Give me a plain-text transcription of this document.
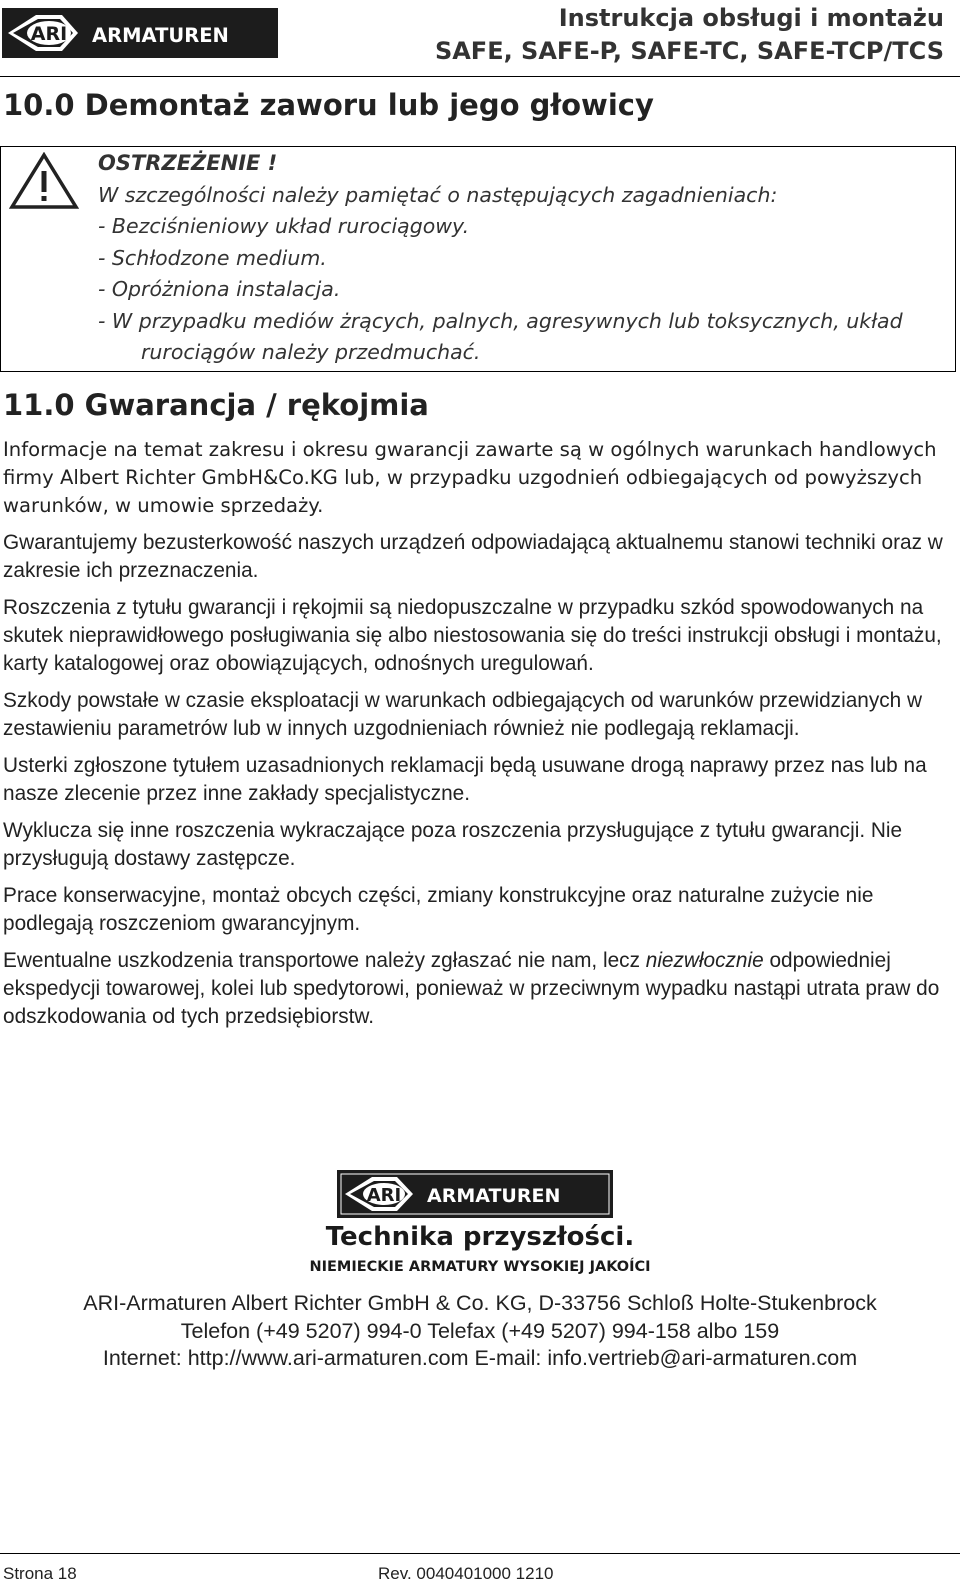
ARI ARMATUREN
Instrukcja obsługi i montażu
SAFE, SAFE-P, SAFE-TC, SAFE-TCP/TCS
10.0 Demontaż zaworu lub jego głowicy
OSTRZEŻENIE !
W szczególności należy pamiętać o następujących zagadnieniach:
- Bezciśnieniowy układ rurociągowy.
- Schłodzone medium.
- Opróżniona instalacja.
- W przypadku mediów żrących, palnych, agresywnych lub toksycznych, układ
rurociągów należy przedmuchać.
11.0 Gwarancja / rękojmia

Informacje na temat zakresu i okresu gwarancji zawarte są w ogólnych warunkach handlowych firmy Albert Richter GmbH&Co.KG lub, w przypadku uzgodnień odbiegających od powyższych warunków, w umowie sprzedaży.

Gwarantujemy bezusterkowość naszych urządzeń odpowiadającą aktualnemu stanowi techniki oraz w zakresie ich przeznaczenia.

Roszczenia z tytułu gwarancji i rękojmii są niedopuszczalne w przypadku szkód spowodowanych na skutek nieprawidłowego posługiwania się albo niestosowania się do treści instrukcji obsługi i montażu, karty katalogowej oraz obowiązujących, odnośnych uregulowań.

Szkody powstałe w czasie eksploatacji w warunkach odbiegających od warunków przewidzianych w zestawieniu parametrów lub w innych uzgodnieniach również nie podlegają reklamacji.

Usterki zgłoszone tytułem uzasadnionych reklamacji będą usuwane drogą naprawy przez nas lub na nasze zlecenie przez inne zakłady specjalistyczne.

Wyklucza się inne roszczenia wykraczające poza roszczenia przysługujące z tytułu gwarancji. Nie przysługują dostawy zastępcze.

Prace konserwacyjne, montaż obcych części, zmiany konstrukcyjne oraz naturalne zużycie nie podlegają roszczeniom gwarancyjnym.

Ewentualne uszkodzenia transportowe należy zgłaszać nie nam, lecz niezwłocznie odpowiedniej ekspedycji towarowej, kolei lub spedytorowi, ponieważ w przeciwnym wypadku nastąpi utrata praw do odszkodowania od tych przedsiębiorstw.

ARI ARMATUREN
Technika przyszłości.
NIEMIECKIE ARMATURY WYSOKIEJ JAKOÍCI
ARI-Armaturen Albert Richter GmbH & Co. KG, D-33756 Schloß Holte-Stukenbrock
Telefon (+49 5207) 994-0 Telefax (+49 5207) 994-158 albo 159
Internet: http://www.ari-armaturen.com E-mail: info.vertrieb@ari-armaturen.com
Strona 18	Rev. 0040401000 1210
